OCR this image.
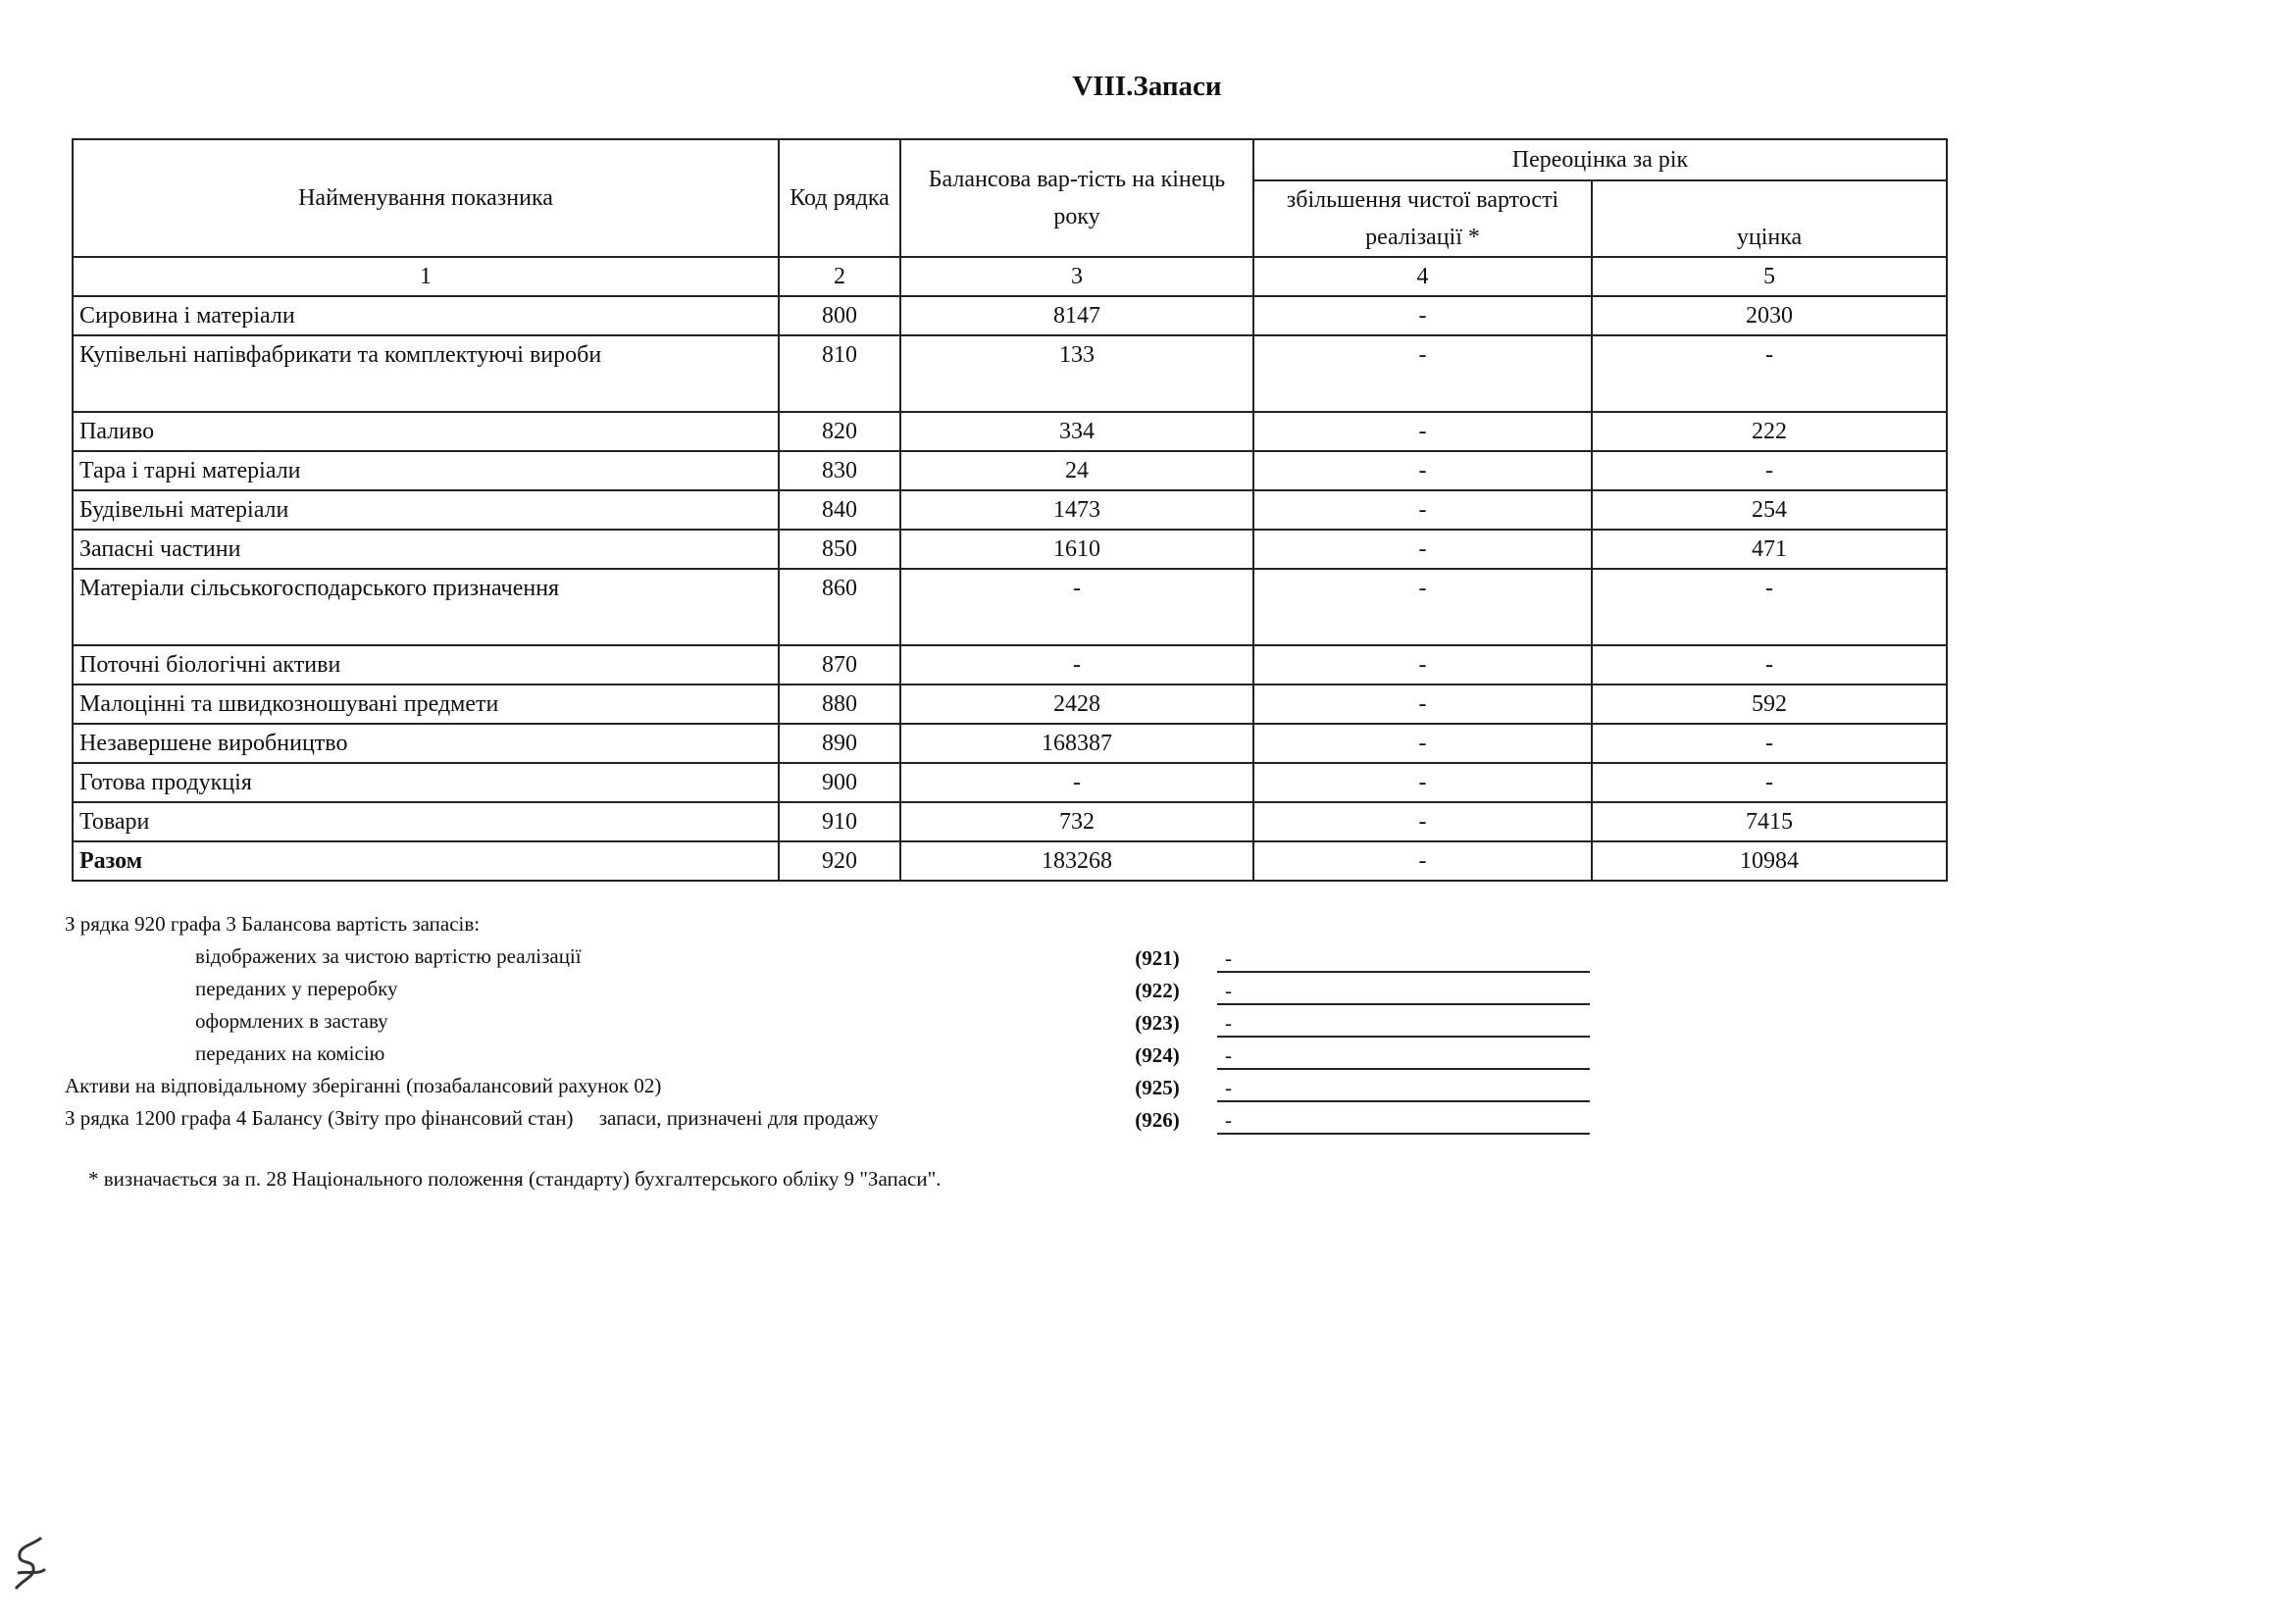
VIII.Запаси
Найменування показника	Код рядка	Балансова вар-тість на кінець року	Переоцінка за рік	
			збільшення чистої вартості реалізації *	уцінка
1	2	3	4	5
Сировина і матеріали	800	8147	-	2030
Купівельні напівфабрикати та комплектуючі вироби	810	133	-	-
Паливо	820	334	-	222
Тара і тарні матеріали	830	24	-	-
Будівельні матеріали	840	1473	-	254
Запасні частини	850	1610	-	471
Матеріали сільськогосподарського призначення	860	-	-	-
Поточні біологічні активи	870	-	-	-
Малоцінні та швидкозношувані предмети	880	2428	-	592
Незавершене виробництво	890	168387	-	-
Готова продукція	900	-	-	-
Товари	910	732	-	7415
Разом	920	183268	-	10984
З рядка 920 графа 3 Балансова вартість запасів:
відображених за чистою вартістю реалізації	(921)	-
переданих у переробку	(922)	-
оформлених в заставу	(923)	-
переданих на комісію	(924)	-
Активи на відповідальному зберіганні (позабалансовий рахунок 02)	(925)	-
З рядка 1200 графа 4 Балансу (Звіту про фінансовий стан)     запаси, призначені для продажу	(926)	-
* визначається за п. 28 Національного положення (стандарту) бухгалтерського обліку 9 "Запаси".
